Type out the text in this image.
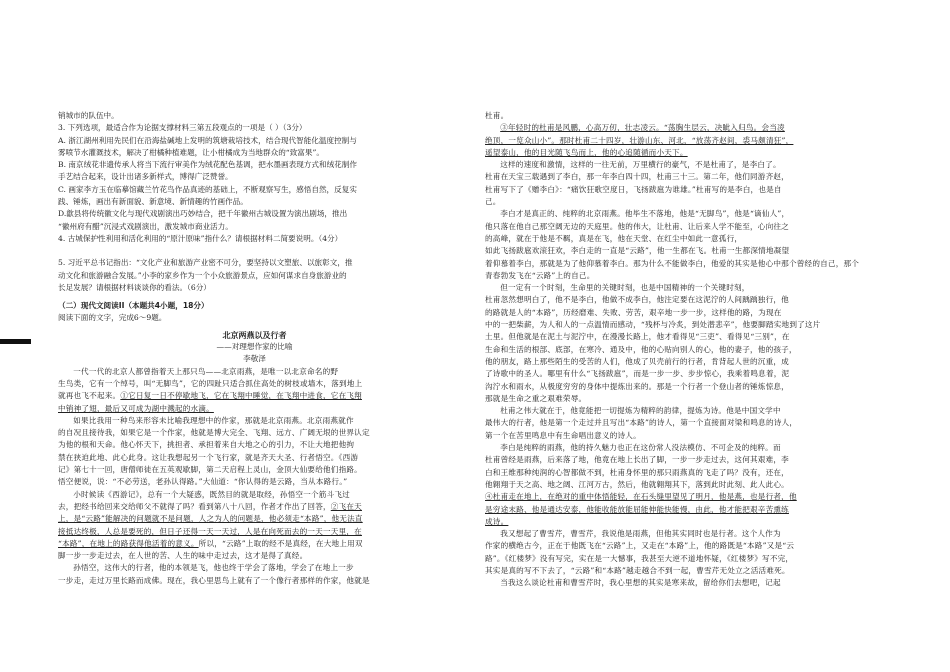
销城市的队伍中。

3. 下列选项，最适合作为论据支撑材料三第五段观点的一项是（ ）（3分）

A. 浙江湖州利用先民们在沿海盐碱地上发明的筑塘栽培技术，结合现代智能化温度控制与

雾喷节水灌溉技术，解决了柑橘种植难题，让小柑橘成为当地群众的“致富果”。

B. 南京绒花非遗传承人将当下流行审美作为绒花配色基调，把水墨画表现方式和绒花制作

手艺结合起来，设计出诸多新样式，博得广泛赞誉。

C. 画家李方玉在临摹馆藏兰竹花鸟作品真迹的基础上，不断观察写生，感悟自然，反复实

践、锤炼，画出有新面貌、新意境、新情趣的竹画作品。

D.歙县将传统徽文化与现代戏剧演出巧妙结合，把千年徽州古城设置为演出剧场，推出

“徽州府有醋”沉浸式戏剧演出，激发城市商业活力。

4. 古城保护性利用和活化利用的“原汁原味”指什么？请根据材料二简要说明。（4分）

5. 习近平总书记指出：“文化产业和旅游产业密不可分，要坚持以文塑旅、以旅彰文，推

动文化和旅游融合发展。”小李的家乡作为一个小众旅游景点，应如何谋求自身旅游业的

长足发展？请根据材料谈谈你的看法。（6分）

（二）现代文阅读II（本题共4小题，18分）

阅读下面的文字，完成6～9题。

北京两燕以及行者

——对理想作家的比喻

李敬泽

一代一代的北京人都曾指着天上那只鸟——北京雨燕，是唯一以北京命名的野

生鸟类，它有一个绰号，叫“无脚鸟”，它的四趾只适合抓住高处的树枝或墙木，落到地上

就再也飞不起来。①它日复一日不停歇地飞，它在飞翔中睡觉，在飞翔中进食，它在飞翔

中销神了翅，最后又可成为湖中溅起的水滴。

如果比我用一种鸟来形容未比喻我理想中的作家，那就是北京雨燕。北京雨燕就作

的自况且接待我，如果它是一个作家，他就是博大完全、飞翔、远方、广阔无垠的世界认定

为他的根和天命。他心怀天下，挑担者、承担着来自大地之心的引力，不让大地把他拘

禁在狭迫此地、此心此身。这让我想起另一个飞行家，就是齐天大圣、行者悟空。《西游

记》第七十一回，唐僧师徒在五英观歇脚，第二天启程上灵山，金顶大仙要给他们指路。

悟空便说，说：“不必劳送，老孙认得路。”大仙道：“你认得的是云路，当从本路行。”

小时候读《西游记》，总有一个大疑惑，既然目的就是取经，孙悟空一个筋斗飞过

去，把经书给回来交给师父不就得了吗？看到第八十八回，作者才作出了回答，②飞在天

上，是“云路”能解决的问题就不是问题，人之为人的问题是，他必须走“本路”，他无法直

接抵达终极，人总是要死的，但日子还得一天一天过，人是在向死而去的一天一天里，在

“本路”，在地上的路获得他活着的意义。所以，“云路”上取的经不是真经，在大地上用双

脚一步一步走过去，在人世的苦、人生的味中走过去，这才是得了真经。

孙悟空，这伟大的行者，他的本领是飞，他也终于学会了落地，学会了在地上一步

一步走，走过万里长路而成佛。现在，我心里思鸟上就有了一个像行者那样的作家，他就是

杜甫。

③年轻时的杜甫是风鹏，心高万仞，壮志凌云。“荡胸生层云，决眦入归鸟。会当凌

绝顶，一览众山小”。那时杜甫二十四岁，壮游山东、河北，“放荡齐赵间，裘马颇清狂”，

遥望泰山，他的目光随飞鸟而上，他的心追随循而小天下。

这样的速度和激情，这样的一往无前，万里横行的豪气，不是杜甫了，是李白了。

杜甫在天宝三载遇到了李白，那一年李白四十四，杜甫三十三。第二年，他们同游齐赵，

杜甫写下了《赠李白》：“痛饮狂歌空度日，飞扬跋扈为谁雄。”杜甫写的是李白，也是自

己。

李白才是真正的、纯粹的北京雨燕。他毕生不落地，他是“无脚鸟”，他是“谪仙人”，

他只落在他自己那空阔无边的天庭里。他的伟大，让杜甫、让后来人学不能至，心向往之

的高峰，就在于他是不羁，真是在飞，他在天堂、在红尘中如此一意孤行，

如此飞扬跋扈欢滚狂欢，李白走的一直是“云路”，他一生都在飞。杜甫一生都深情地凝望

着仰慕着李白，那就是为了他仰慕着李白。那为什么不能做李白，他爱的其实是他心中那个曾经的自己，那个

青春勃发飞在“云路”上的自己。

但一定有一个时刻，生命里的关键时刻，也是中国精神的一个关键时刻，

杜甫忽然想明白了，他不是李白，他做不成李白，他注定要在这泥泞的人间踽踽独行，他

的路就是人的“本路”，历经磨难、失败、劳苦，艰辛地一步一步，这样他的路，为现在

中的一把柴薪，为人和人的一点温情而感动，“残杯与冷炙，到处潜悲辛”，他要脚踏实地到了这片

土里。但他就是在泥土与泥泞中，在漫漫长路上，他才看得见“三吏”、看得见“三别”，在

生命和生活的根部、底部，在寒冷、通及中，他的心贴向别人的心，他的妻子，他的孩子，

他的朋友，路上那些陌生的受苦的人们，他成了贝壳前行的行者，肯背起人世的沉重，成

了诗歌中的圣人。哪里有什么“飞扬跋扈”，而是一步一步、步步惊心，我乘着鸣息着，泥

沟泞水和雨水，从极度穷穷的身体中提炼出来的。那是一个行者一个登山者的锤炼惊息，

那就是生命之重之艰难荣辱。

杜甫之伟大就在于，他竟能把一切提炼为精粹的韵律，提炼为诗。他是中国文学中

最伟大的行者，他是第一个走过并且写出“本路”的诗人，第一个直接面对梁和鸣息的诗人，

第一个在苦里鸣息中有生命唱出意义的诗人。

李白是纯粹的雨燕，他的持久魅力也正在这份常人没法模仿、不可企及的纯粹。而

杜甫曾经是雨燕，后来落了地，他竟在地上长出了脚，一步一步走过去，这何其艰难，李

白和王维那种纯润的心智都做不到，杜甫身怀里的那只雨燕真的飞走了吗？没有，还在，

他翱翔于天之高、地之阔、江河万古，然后，他就翱翔其下，落到此时此刻、此人此心。

④杜甫走在地上，在绝对的重中体悟能轻，在石头缝里望见了明月，他是燕，也是行者，他

是穷途末路、他是通达安泰，他能收能放能屈能伸能快能慢，由此，他才能把艰辛苦熏练

成诗。

我又想起了曹雪芹，曹雪芹，我说他是雨燕，但他其实同时也是行者。这个人作为

作家的横绝古今，正在于他既飞在“云路”上，又走在“本路”上，他的路既是“本路”又是“云

路”。《红楼梦》没有写完，实在是一大憾事，我甚至大逆不道地怀疑，《红楼梦》写不完，

其实是真的写不下去了，“云路”和“本路”越走越合不到一起，曹雪芹无处立之活活难死。

当我这么谈论杜甫和曹雪芹时，我心里想的其实是寒来故，留给你们去想吧，记起
